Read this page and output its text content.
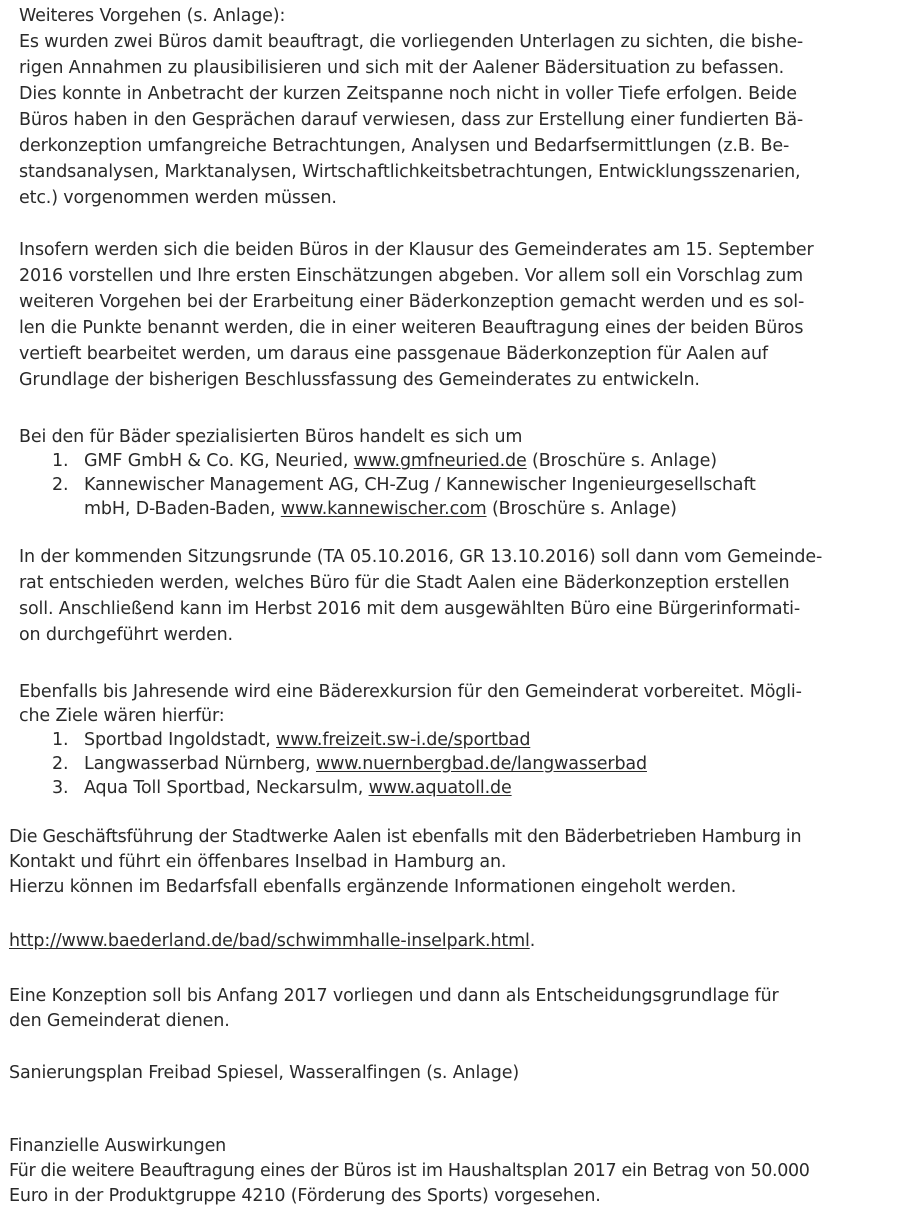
Weiteres Vorgehen (s. Anlage):
Es wurden zwei Büros damit beauftragt, die vorliegenden Unterlagen zu sichten, die bishe-
rigen Annahmen zu plausibilisieren und sich mit der Aalener Bädersituation zu befassen.
Dies konnte in Anbetracht der kurzen Zeitspanne noch nicht in voller Tiefe erfolgen. Beide
Büros haben in den Gesprächen darauf verwiesen, dass zur Erstellung einer fundierten Bä-
derkonzeption umfangreiche Betrachtungen, Analysen und Bedarfsermittlungen (z.B. Be-
standsanalysen, Marktanalysen, Wirtschaftlichkeitsbetrachtungen, Entwicklungsszenarien,
etc.) vorgenommen werden müssen.
Insofern werden sich die beiden Büros in der Klausur des Gemeinderates am 15. September
2016 vorstellen und Ihre ersten Einschätzungen abgeben. Vor allem soll ein Vorschlag zum
weiteren Vorgehen bei der Erarbeitung einer Bäderkonzeption gemacht werden und es sol-
len die Punkte benannt werden, die in einer weiteren Beauftragung eines der beiden Büros
vertieft bearbeitet werden, um daraus eine passgenaue Bäderkonzeption für Aalen auf
Grundlage der bisherigen Beschlussfassung des Gemeinderates zu entwickeln.
Bei den für Bäder spezialisierten Büros handelt es sich um
1. GMF GmbH & Co. KG, Neuried, www.gmfneuried.de (Broschüre s. Anlage)
2. Kannewischer Management AG, CH-Zug / Kannewischer Ingenieurgesellschaft
mbH, D-Baden-Baden, www.kannewischer.com (Broschüre s. Anlage)
In der kommenden Sitzungsrunde (TA 05.10.2016, GR 13.10.2016) soll dann vom Gemeinde-
rat entschieden werden, welches Büro für die Stadt Aalen eine Bäderkonzeption erstellen
soll. Anschließend kann im Herbst 2016 mit dem ausgewählten Büro eine Bürgerinformati-
on durchgeführt werden.
Ebenfalls bis Jahresende wird eine Bäderexkursion für den Gemeinderat vorbereitet. Mögli-
che Ziele wären hierfür:
1. Sportbad Ingoldstadt, www.freizeit.sw-i.de/sportbad
2. Langwasserbad Nürnberg, www.nuernbergbad.de/langwasserbad
3. Aqua Toll Sportbad, Neckarsulm, www.aquatoll.de
Die Geschäftsführung der Stadtwerke Aalen ist ebenfalls mit den Bäderbetrieben Hamburg in
Kontakt und führt ein öffenbares Inselbad in Hamburg an.
Hierzu können im Bedarfsfall ebenfalls ergänzende Informationen eingeholt werden.
http://www.baederland.de/bad/schwimmhalle-inselpark.html.
Eine Konzeption soll bis Anfang 2017 vorliegen und dann als Entscheidungsgrundlage für
den Gemeinderat dienen.
Sanierungsplan Freibad Spiesel, Wasseralfingen (s. Anlage)
Finanzielle Auswirkungen
Für die weitere Beauftragung eines der Büros ist im Haushaltsplan 2017 ein Betrag von 50.000
Euro in der Produktgruppe 4210 (Förderung des Sports) vorgesehen.
